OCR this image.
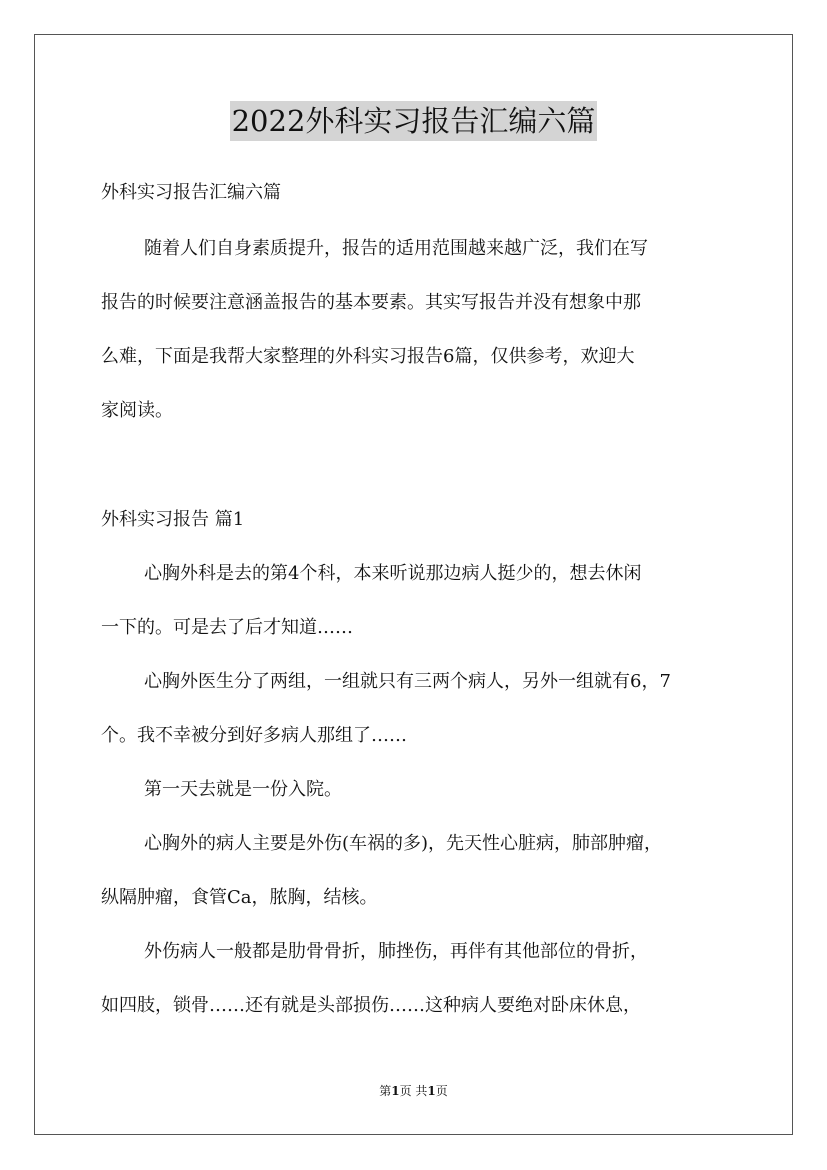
2022外科实习报告汇编六篇
外科实习报告汇编六篇
随着人们自身素质提升，报告的适用范围越来越广泛，我们在写
报告的时候要注意涵盖报告的基本要素。其实写报告并没有想象中那
么难，下面是我帮大家整理的外科实习报告6篇，仅供参考，欢迎大
家阅读。
外科实习报告 篇1
心胸外科是去的第4个科，本来听说那边病人挺少的，想去休闲
一下的。可是去了后才知道……
心胸外医生分了两组，一组就只有三两个病人，另外一组就有6，7
个。我不幸被分到好多病人那组了……
第一天去就是一份入院。
心胸外的病人主要是外伤(车祸的多)，先天性心脏病，肺部肿瘤，
纵隔肿瘤，食管Ca，脓胸，结核。
外伤病人一般都是肋骨骨折，肺挫伤，再伴有其他部位的骨折，
如四肢，锁骨……还有就是头部损伤……这种病人要绝对卧床休息，
第1页 共1页
